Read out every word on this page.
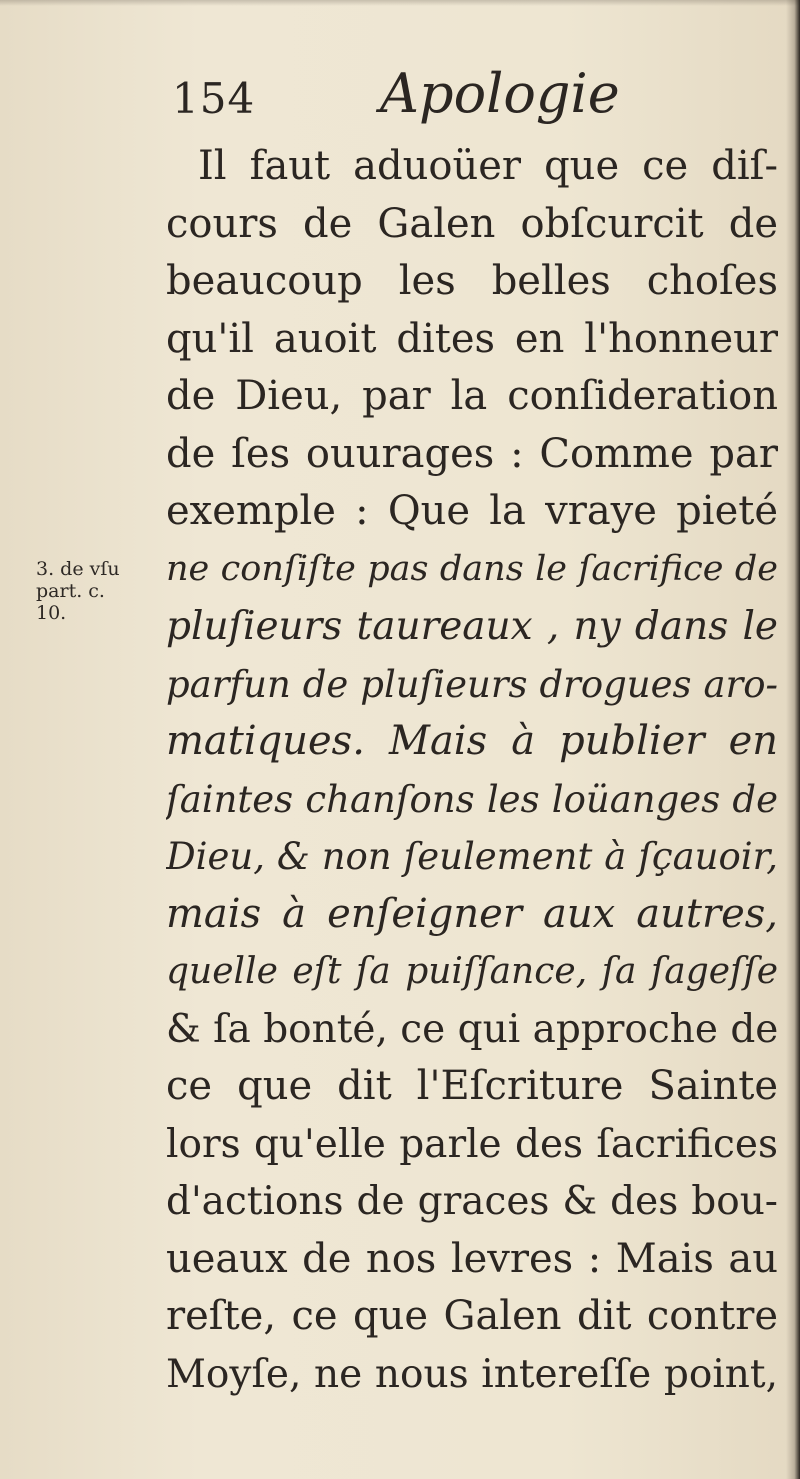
154 Apologie
3. de vſu
part. c.
10.
Il faut aduoüer que ce diſ-
cours de Galen obſcurcit de
beaucoup les belles choſes
qu'il auoit dites en l'honneur
de Dieu, par la conſideration
de ſes ouurages : Comme par
exemple : Que la vraye pieté
ne conſiſte pas dans le ſacrifice de
pluſieurs taureaux , ny dans le
parfun de pluſieurs drogues aro-
matiques. Mais à publier en
ſaintes chanſons les loüanges de
Dieu, & non ſeulement à ſçauoir,
mais à enſeigner aux autres,
quelle eſt ſa puiſſance, ſa ſageſſe
& ſa bonté, ce qui approche de
ce que dit l'Eſcriture Sainte
lors qu'elle parle des ſacrifices
d'actions de graces & des bou-
ueaux de nos levres : Mais au
reſte, ce que Galen dit contre
Moyſe, ne nous intereſſe point,
